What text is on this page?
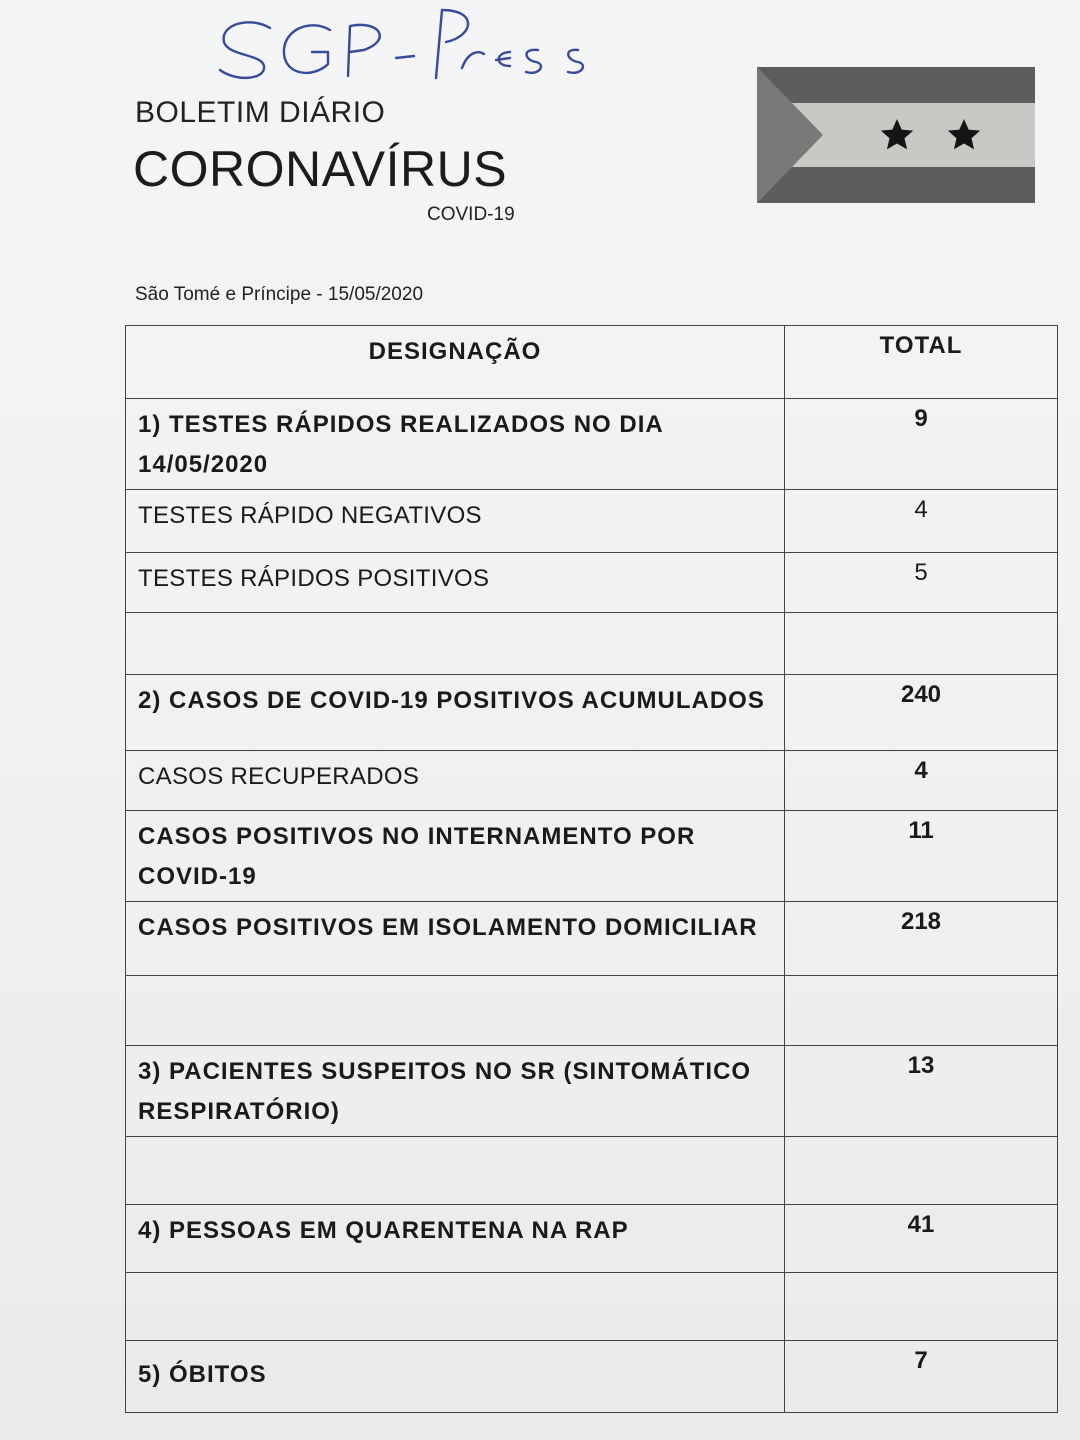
BOLETIM DIÁRIO
CORONAVÍRUS
COVID-19
São Tomé e Príncipe - 15/05/2020
DESIGNAÇÃO	TOTAL

1) TESTES RÁPIDOS REALIZADOS NO DIA 14/05/2020	9

TESTES RÁPIDO NEGATIVOS	4

TESTES RÁPIDOS POSITIVOS	5

2) CASOS DE COVID-19 POSITIVOS ACUMULADOS	240

CASOS RECUPERADOS	4

CASOS POSITIVOS NO INTERNAMENTO POR COVID-19	11

CASOS POSITIVOS EM ISOLAMENTO DOMICILIAR	218

3) PACIENTES SUSPEITOS NO SR (SINTOMÁTICO RESPIRATÓRIO)	13

4) PESSOAS EM QUARENTENA NA RAP	41

5) ÓBITOS	7
